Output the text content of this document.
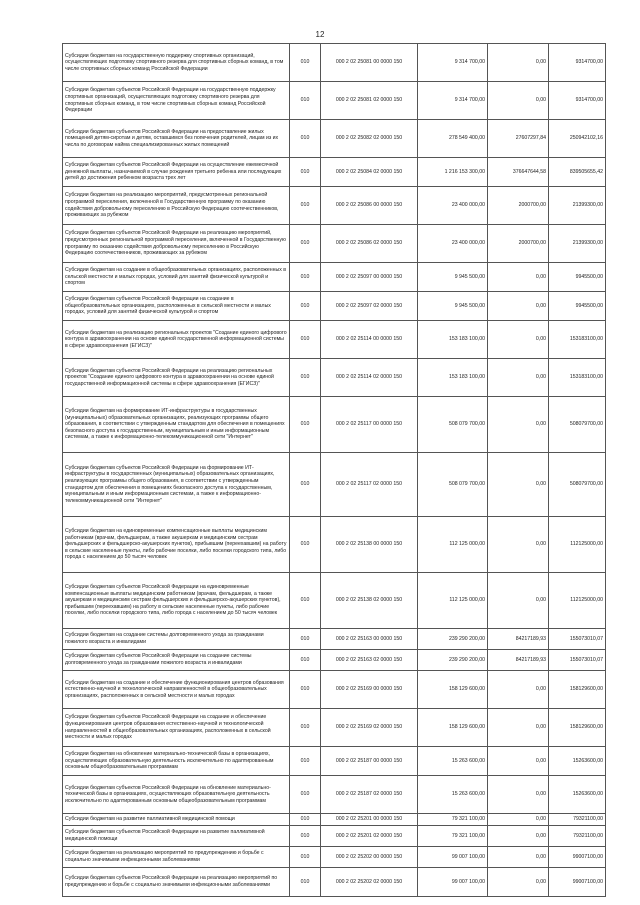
12
Субсидии бюджетам на государственную поддержку спортивных организаций, осуществляющих подготовку спортивного резерва для спортивных сборных команд, в том числе спортивных сборных команд Российской Федерации	010	000 2 02 25081 00 0000 150	9 314 700,00	0,00	9314700,00
Субсидии бюджетам субъектов Российской Федерации на государственную поддержку спортивных организаций, осуществляющих подготовку спортивного резерва для спортивных сборных команд, в том числе спортивных сборных команд Российской Федерации	010	000 2 02 25081 02 0000 150	9 314 700,00	0,00	9314700,00
Субсидии бюджетам субъектов Российской Федерации на предоставление жилых помещений детям-сиротам и детям, оставшимся без попечения родителей, лицам из их числа по договорам найма специализированных жилых помещений	010	000 2 02 25082 02 0000 150	278 549 400,00	27607297,84	250942102,16
Субсидии бюджетам субъектов Российской Федерации на осуществление ежемесячной денежной выплаты, назначаемой в случае рождения третьего ребенка или последующих детей до достижения ребенком возраста трех лет	010	000 2 02 25084 02 0000 150	1 216 153 300,00	376647644,58	839505655,42
Субсидии бюджетам на реализацию мероприятий, предусмотренных региональной программой переселения, включенной в Государственную программу по оказанию содействия добровольному переселению в Российскую Федерацию соотечественников, проживающих за рубежом	010	000 2 02 25086 00 0000 150	23 400 000,00	2000700,00	21399300,00
Субсидии бюджетам субъектов Российской Федерации на реализацию мероприятий, предусмотренных региональной программой переселения, включенной в Государственную программу по оказанию содействия добровольному переселению в Российскую Федерацию соотечественников, проживающих за рубежом	010	000 2 02 25086 02 0000 150	23 400 000,00	2000700,00	21399300,00
Субсидии бюджетам на создание в общеобразовательных организациях, расположенных в сельской местности и малых городах, условий для занятий физической культурой и спортом	010	000 2 02 25097 00 0000 150	9 945 500,00	0,00	9945500,00
Субсидии бюджетам субъектов Российской Федерации на создание в общеобразовательных организациях, расположенных в сельской местности и малых городах, условий для занятий физической культурой и спортом	010	000 2 02 25097 02 0000 150	9 945 500,00	0,00	9945500,00
Субсидии бюджетам на реализацию региональных проектов "Создание единого цифрового контура в здравоохранении на основе единой государственной информационной системы в сфере здравоохранения (ЕГИСЗ)"	010	000 2 02 25114 00 0000 150	153 183 100,00	0,00	153183100,00
Субсидии бюджетам субъектов Российской Федерации на реализацию региональных проектов "Создание единого цифрового контура в здравоохранении на основе единой государственной информационной системы в сфере здравоохранения (ЕГИСЗ)"	010	000 2 02 25114 02 0000 150	153 183 100,00	0,00	153183100,00
Субсидии бюджетам на формирование ИТ-инфраструктуры в государственных (муниципальных) образовательных организациях, реализующих программы общего образования, в соответствии с утвержденным стандартом для обеспечения в помещениях безопасного доступа к государственным, муниципальным и иным информационным системам, а также к информационно-телекоммуникационной сети "Интернет"	010	000 2 02 25117 00 0000 150	508 079 700,00	0,00	508079700,00
Субсидии бюджетам субъектов Российской Федерации на формирование ИТ-инфраструктуры в государственных (муниципальных) образовательных организациях, реализующих программы общего образования, в соответствии с утвержденным стандартом для обеспечения в помещениях безопасного доступа к государственным, муниципальным и иным информационным системам, а также к информационно-телекоммуникационной сети "Интернет"	010	000 2 02 25117 02 0000 150	508 079 700,00	0,00	508079700,00
Субсидии бюджетам на единовременные компенсационные выплаты медицинским работникам (врачам, фельдшерам, а также акушеркам и медицинским сестрам фельдшерских и фельдшерско-акушерских пунктов), прибывшим (переехавшим) на работу в сельские населенные пункты, либо рабочие поселки, либо поселки городского типа, либо города с населением до 50 тысяч человек	010	000 2 02 25138 00 0000 150	112 125 000,00	0,00	112125000,00
Субсидии бюджетам субъектов Российской Федерации на единовременные компенсационные выплаты медицинским работникам (врачам, фельдшерам, а также акушеркам и медицинским сестрам фельдшерских и фельдшерско-акушерских пунктов), прибывшим (переехавшим) на работу в сельские населенные пункты, либо рабочие поселки, либо поселки городского типа, либо города с населением до 50 тысяч человек	010	000 2 02 25138 02 0000 150	112 125 000,00	0,00	112125000,00
Субсидии бюджетам на создание системы долговременного ухода за гражданами пожилого возраста и инвалидами	010	000 2 02 25163 00 0000 150	239 290 200,00	84217189,93	155073010,07
Субсидии бюджетам субъектов Российской Федерации на создание системы долговременного ухода за гражданами пожилого возраста и инвалидами	010	000 2 02 25163 02 0000 150	239 290 200,00	84217189,93	155073010,07
Субсидии бюджетам на создание и обеспечение функционирования центров образования естественно-научной и технологической направленностей в общеобразовательных организациях, расположенных в сельской местности и малых городах	010	000 2 02 25169 00 0000 150	158 129 600,00	0,00	158129600,00
Субсидии бюджетам субъектов Российской Федерации на создание и обеспечение функционирования центров образования естественно-научной и технологической направленностей в общеобразовательных организациях, расположенных в сельской местности и малых городах	010	000 2 02 25169 02 0000 150	158 129 600,00	0,00	158129600,00
Субсидии бюджетам на обновление материально-технической базы в организациях, осуществляющих образовательную деятельность исключительно по адаптированным основным общеобразовательным программам	010	000 2 02 25187 00 0000 150	15 263 600,00	0,00	15263600,00
Субсидии бюджетам субъектов Российской Федерации на обновление материально-технической базы в организациях, осуществляющих образовательную деятельность исключительно по адаптированным основным общеобразовательным программам	010	000 2 02 25187 02 0000 150	15 263 600,00	0,00	15263600,00
Субсидии бюджетам на развитие паллиативной медицинской помощи	010	000 2 02 25201 00 0000 150	79 321 100,00	0,00	79321100,00
Субсидии бюджетам субъектов Российской Федерации на развитие паллиативной медицинской помощи	010	000 2 02 25201 02 0000 150	79 321 100,00	0,00	79321100,00
Субсидии бюджетам на реализацию мероприятий по предупреждению и борьбе с социально значимыми инфекционными заболеваниями	010	000 2 02 25202 00 0000 150	99 007 100,00	0,00	99007100,00
Субсидии бюджетам субъектов Российской Федерации на реализацию мероприятий по предупреждению и борьбе с социально значимыми инфекционными заболеваниями	010	000 2 02 25202 02 0000 150	99 007 100,00	0,00	99007100,00
